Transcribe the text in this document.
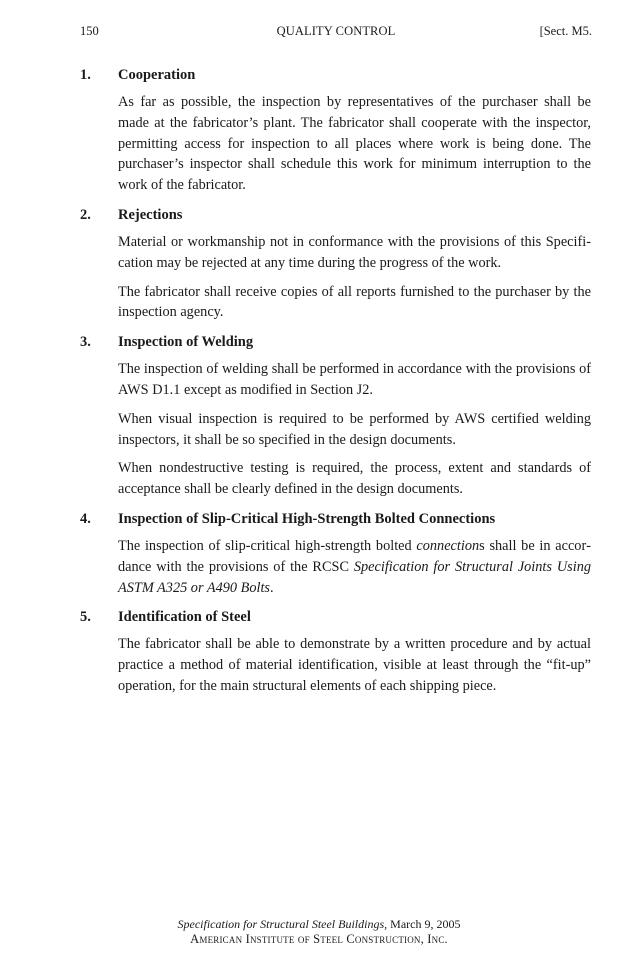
150	QUALITY CONTROL	[Sect. M5.
1.	Cooperation

As far as possible, the inspection by representatives of the purchaser shall be made at the fabricator’s plant. The fabricator shall cooperate with the inspector, permitting access for inspection to all places where work is being done. The purchaser’s inspector shall schedule this work for minimum interruption to the work of the fabricator.

2.	Rejections

Material or workmanship not in conformance with the provisions of this Specification may be rejected at any time during the progress of the work.

The fabricator shall receive copies of all reports furnished to the purchaser by the inspection agency.

3.	Inspection of Welding

The inspection of welding shall be performed in accordance with the provisions of AWS D1.1 except as modified in Section J2.

When visual inspection is required to be performed by AWS certified welding inspectors, it shall be so specified in the design documents.

When nondestructive testing is required, the process, extent and standards of acceptance shall be clearly defined in the design documents.

4.	Inspection of Slip-Critical High-Strength Bolted Connections

The inspection of slip-critical high-strength bolted connections shall be in accordance with the provisions of the RCSC Specification for Structural Joints Using ASTM A325 or A490 Bolts.

5.	Identification of Steel

The fabricator shall be able to demonstrate by a written procedure and by actual practice a method of material identification, visible at least through the “fit-up” operation, for the main structural elements of each shipping piece.

Specification for Structural Steel Buildings, March 9, 2005
American Institute of Steel Construction, Inc.
